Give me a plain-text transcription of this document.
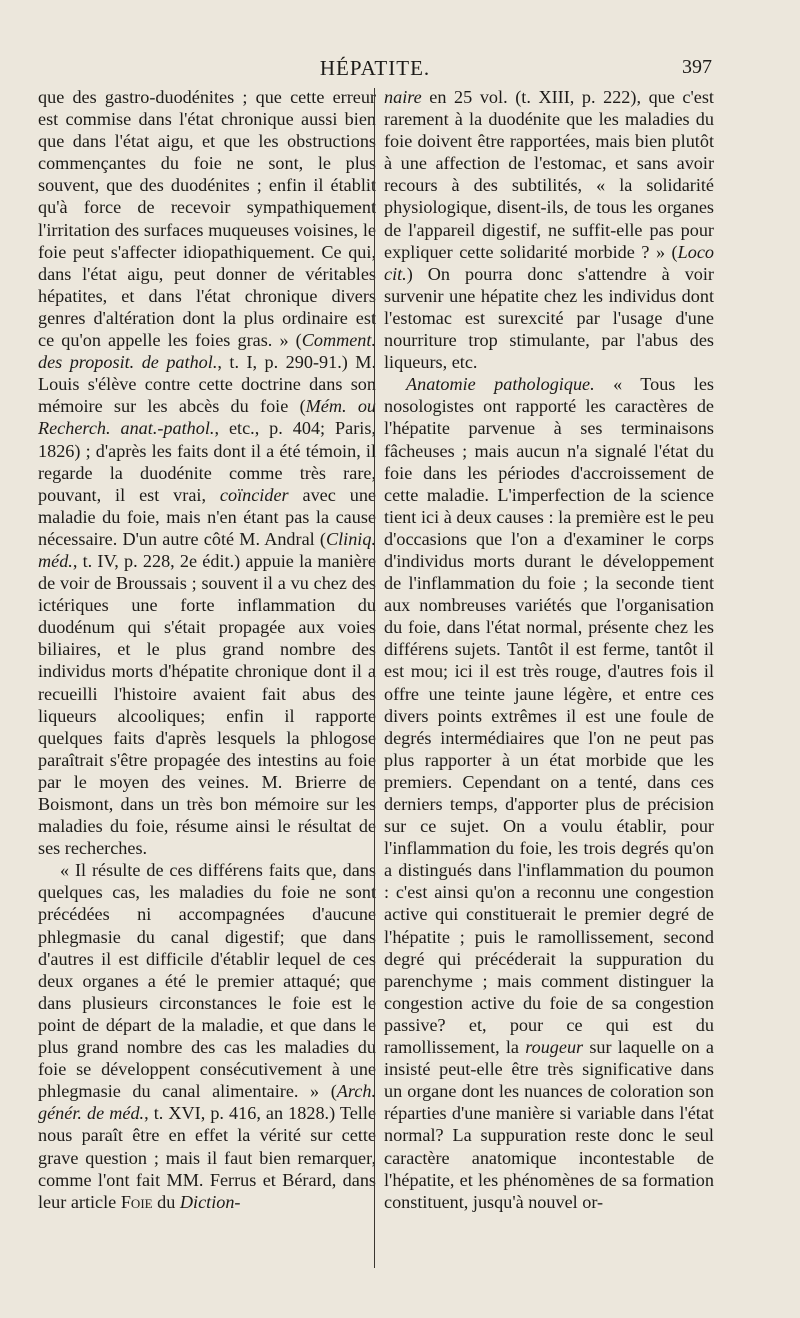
HÉPATITE.	397

que des gastro-duodénites ; que cette erreur est commise dans l'état chronique aussi bien que dans l'état aigu, et que les obstructions commençantes du foie ne sont, le plus souvent, que des duodénites ; enfin il établit qu'à force de recevoir sympathiquement l'irritation des surfaces muqueuses voisines, le foie peut s'affecter idiopathiquement. Ce qui, dans l'état aigu, peut donner de véritables hépatites, et dans l'état chronique divers genres d'altération dont la plus ordinaire est ce qu'on appelle les foies gras. » (Comment. des proposit. de pathol., t. I, p. 290-91.) M. Louis s'élève contre cette doctrine dans son mémoire sur les abcès du foie (Mém. ou Recherch. anat.-pathol., etc., p. 404; Paris, 1826) ; d'après les faits dont il a été témoin, il regarde la duodénite comme très rare, pouvant, il est vrai, coïncider avec une maladie du foie, mais n'en étant pas la cause nécessaire. D'un autre côté M. Andral (Cliniq. méd., t. IV, p. 228, 2e édit.) appuie la manière de voir de Broussais ; souvent il a vu chez des ictériques une forte inflammation du duodénum qui s'était propagée aux voies biliaires, et le plus grand nombre des individus morts d'hépatite chronique dont il a recueilli l'histoire avaient fait abus des liqueurs alcooliques; enfin il rapporte quelques faits d'après lesquels la phlogose paraîtrait s'être propagée des intestins au foie par le moyen des veines. M. Brierre de Boismont, dans un très bon mémoire sur les maladies du foie, résume ainsi le résultat de ses recherches.

« Il résulte de ces différens faits que, dans quelques cas, les maladies du foie ne sont précédées ni accompagnées d'aucune phlegmasie du canal digestif; que dans d'autres il est difficile d'établir lequel de ces deux organes a été le premier attaqué; que dans plusieurs circonstances le foie est le point de départ de la maladie, et que dans le plus grand nombre des cas les maladies du foie se développent consécutivement à une phlegmasie du canal alimentaire. » (Arch. génér. de méd., t. XVI, p. 416, an 1828.) Telle nous paraît être en effet la vérité sur cette grave question ; mais il faut bien remarquer, comme l'ont fait MM. Ferrus et Bérard, dans leur article Foie du Diction-

naire en 25 vol. (t. XIII, p. 222), que c'est rarement à la duodénite que les maladies du foie doivent être rapportées, mais bien plutôt à une affection de l'estomac, et sans avoir recours à des subtilités, « la solidarité physiologique, disent-ils, de tous les organes de l'appareil digestif, ne suffit-elle pas pour expliquer cette solidarité morbide ? » (Loco cit.) On pourra donc s'attendre à voir survenir une hépatite chez les individus dont l'estomac est surexcité par l'usage d'une nourriture trop stimulante, par l'abus des liqueurs, etc.

Anatomie pathologique. « Tous les nosologistes ont rapporté les caractères de l'hépatite parvenue à ses terminaisons fâcheuses ; mais aucun n'a signalé l'état du foie dans les périodes d'accroissement de cette maladie. L'imperfection de la science tient ici à deux causes : la première est le peu d'occasions que l'on a d'examiner le corps d'individus morts durant le développement de l'inflammation du foie ; la seconde tient aux nombreuses variétés que l'organisation du foie, dans l'état normal, présente chez les différens sujets. Tantôt il est ferme, tantôt il est mou; ici il est très rouge, d'autres fois il offre une teinte jaune légère, et entre ces divers points extrêmes il est une foule de degrés intermédiaires que l'on ne peut pas plus rapporter à un état morbide que les premiers. Cependant on a tenté, dans ces derniers temps, d'apporter plus de précision sur ce sujet. On a voulu établir, pour l'inflammation du foie, les trois degrés qu'on a distingués dans l'inflammation du poumon : c'est ainsi qu'on a reconnu une congestion active qui constituerait le premier degré de l'hépatite ; puis le ramollissement, second degré qui précéderait la suppuration du parenchyme ; mais comment distinguer la congestion active du foie de sa congestion passive? et, pour ce qui est du ramollissement, la rougeur sur laquelle on a insisté peut-elle être très significative dans un organe dont les nuances de coloration son réparties d'une manière si variable dans l'état normal? La suppuration reste donc le seul caractère anatomique incontestable de l'hépatite, et les phénomènes de sa formation constituent, jusqu'à nouvel or-
